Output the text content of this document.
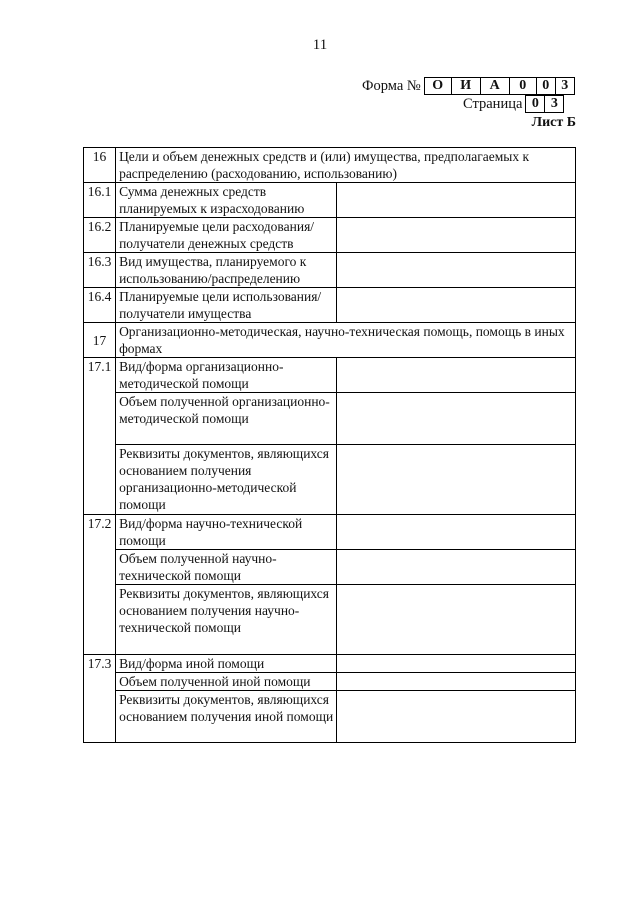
11
Форма № О	И	А	0	0 3
Страница 0 3
Лист Б
16	Цели и объем денежных средств и (или) имущества, предполагаемых к распределению (расходованию, использованию)	
16.1	Сумма денежных средств планируемых к израсходованию	
16.2	Планируемые цели расходования/ получатели денежных средств	
16.3	Вид имущества, планируемого к использованию/распределению	
16.4	Планируемые цели использования/ получатели имущества	
17	Организационно-методическая, научно-техническая помощь, помощь в иных формах	
17.1	Вид/форма организационно-методической помощи	
	Объем полученной организационно-методической помощи	
	Реквизиты документов, являющихся основанием получения организационно-методической помощи	
17.2	Вид/форма научно-технической помощи	
	Объем полученной научно-технической помощи	
	Реквизиты документов, являющихся основанием получения научно-технической помощи	
17.3	Вид/форма иной помощи	
	Объем полученной иной помощи	
	Реквизиты документов, являющихся основанием получения иной помощи	
